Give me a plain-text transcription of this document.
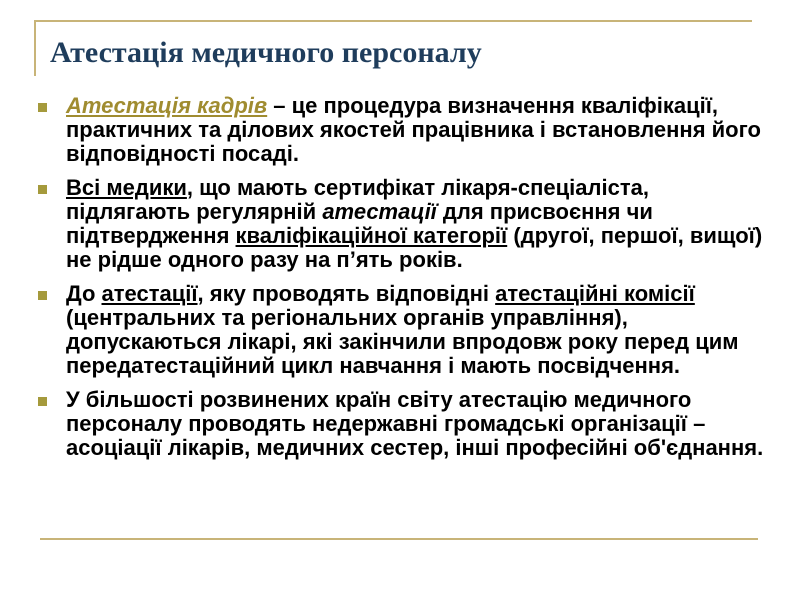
Атестація медичного персоналу
Атестація кадрів – це процедура визначення кваліфікації, практичних та ділових якостей працівника і встановлення його відповідності посаді.
Всі медики, що мають сертифікат лікаря-спеціаліста, підлягають регулярній атестації для присвоєння чи підтвердження кваліфікаційної категорії (другої, першої, вищої) не рідше одного разу на п’ять років.
До атестації, яку проводять відповідні атестаційні комісії (центральних та регіональних органів управління), допускаються лікарі, які закінчили впродовж року перед цим передатестаційний цикл навчання і мають посвідчення.
У більшості розвинених країн світу атестацію медичного персоналу проводять недержавні громадські організації – асоціації лікарів, медичних сестер, інші професійні об'єднання.
